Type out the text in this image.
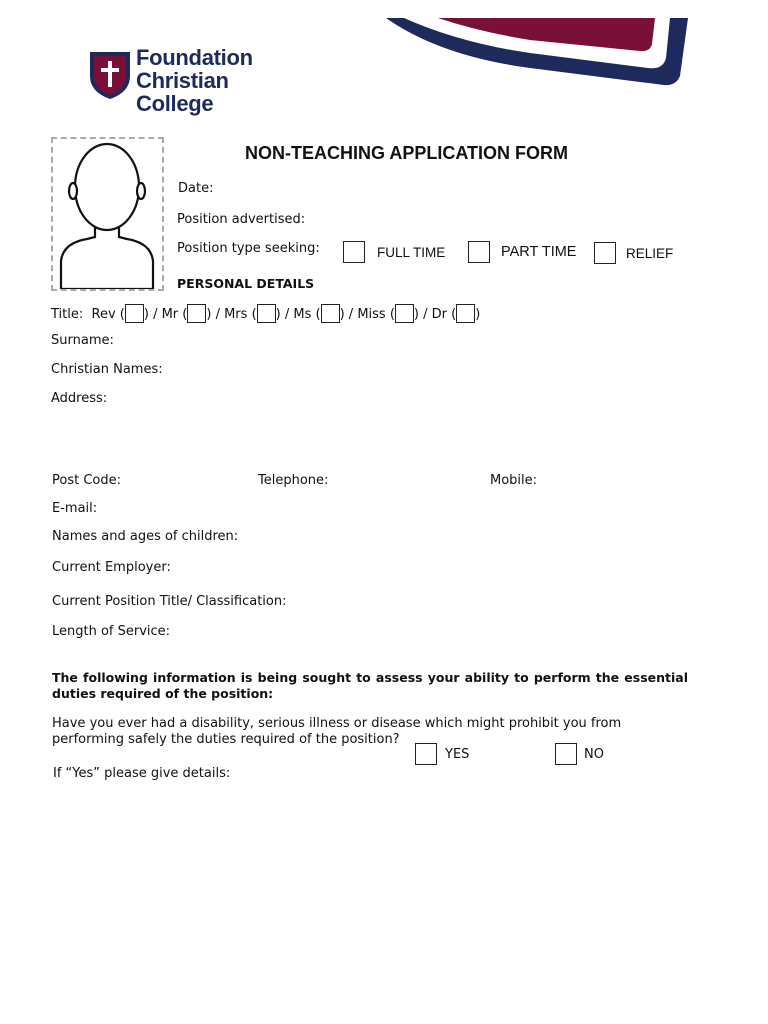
Foundation
Christian
College
NON-TEACHING APPLICATION FORM
Date:
Position advertised:
Position type seeking:	FULL TIME	PART TIME	RELIEF
PERSONAL DETAILS
Title: Rev ( ) / Mr ( ) / Mrs ( ) / Ms ( ) / Miss ( ) / Dr ( )
Surname:
Christian Names:
Address:
Post Code:	Telephone:	Mobile:
E-mail:
Names and ages of children:
Current Employer:
Current Position Title/ Classification:
Length of Service:
The following information is being sought to assess your ability to perform the essential duties required of the position:
Have you ever had a disability, serious illness or disease which might prohibit you from performing safely the duties required of the position?
YES	NO
If “Yes” please give details:
